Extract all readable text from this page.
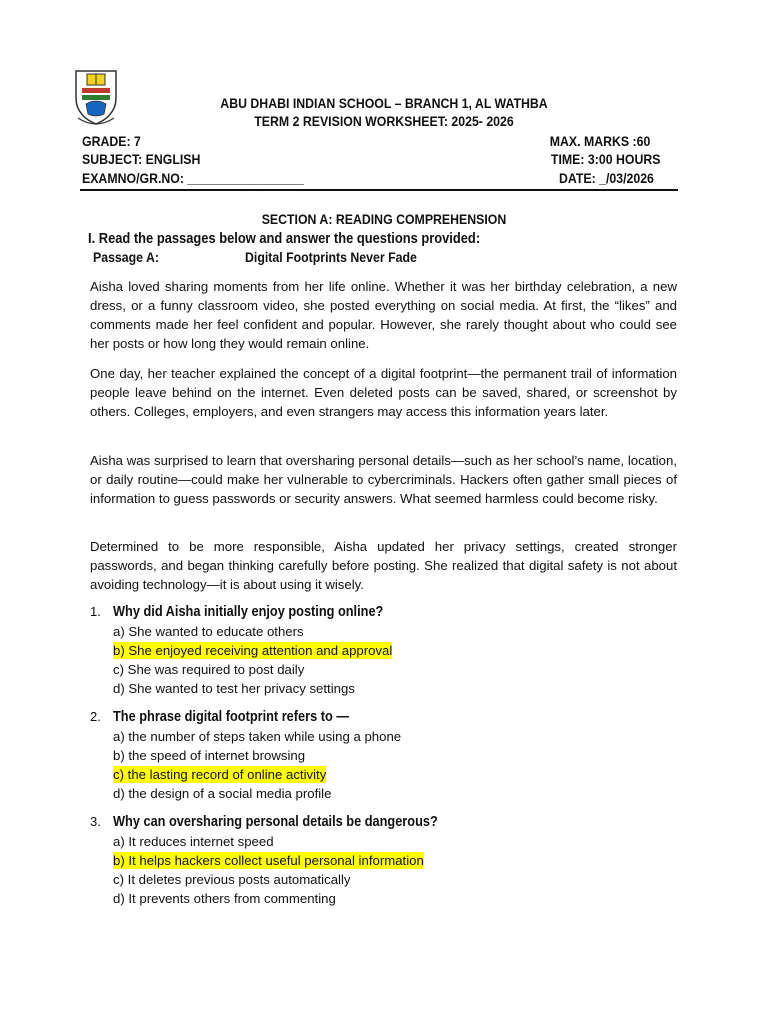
ABU DHABI INDIAN SCHOOL – BRANCH 1, AL WATHBA
TERM 2 REVISION WORKSHEET: 2025- 2026
GRADE: 7
SUBJECT: ENGLISH
EXAMNO/GR.NO: _________________
MAX. MARKS :60
TIME: 3:00 HOURS
DATE: _/03/2026
SECTION A: READING COMPREHENSION
I. Read the passages below and answer the questions provided:
Passage A:	Digital Footprints Never Fade

Aisha loved sharing moments from her life online. Whether it was her birthday celebration, a new dress, or a funny classroom video, she posted everything on social media. At first, the “likes” and comments made her feel confident and popular. However, she rarely thought about who could see her posts or how long they would remain online.

One day, her teacher explained the concept of a digital footprint—the permanent trail of information people leave behind on the internet. Even deleted posts can be saved, shared, or screenshot by others. Colleges, employers, and even strangers may access this information years later.

Aisha was surprised to learn that oversharing personal details—such as her school’s name, location, or daily routine—could make her vulnerable to cybercriminals. Hackers often gather small pieces of information to guess passwords or security answers. What seemed harmless could become risky.

Determined to be more responsible, Aisha updated her privacy settings, created stronger passwords, and began thinking carefully before posting. She realized that digital safety is not about avoiding technology—it is about using it wisely.

1. Why did Aisha initially enjoy posting online?
a) She wanted to educate others
b) She enjoyed receiving attention and approval
c) She was required to post daily
d) She wanted to test her privacy settings
2. The phrase digital footprint refers to —
a) the number of steps taken while using a phone
b) the speed of internet browsing
c) the lasting record of online activity
d) the design of a social media profile
3. Why can oversharing personal details be dangerous?
a) It reduces internet speed
b) It helps hackers collect useful personal information
c) It deletes previous posts automatically
d) It prevents others from commenting
